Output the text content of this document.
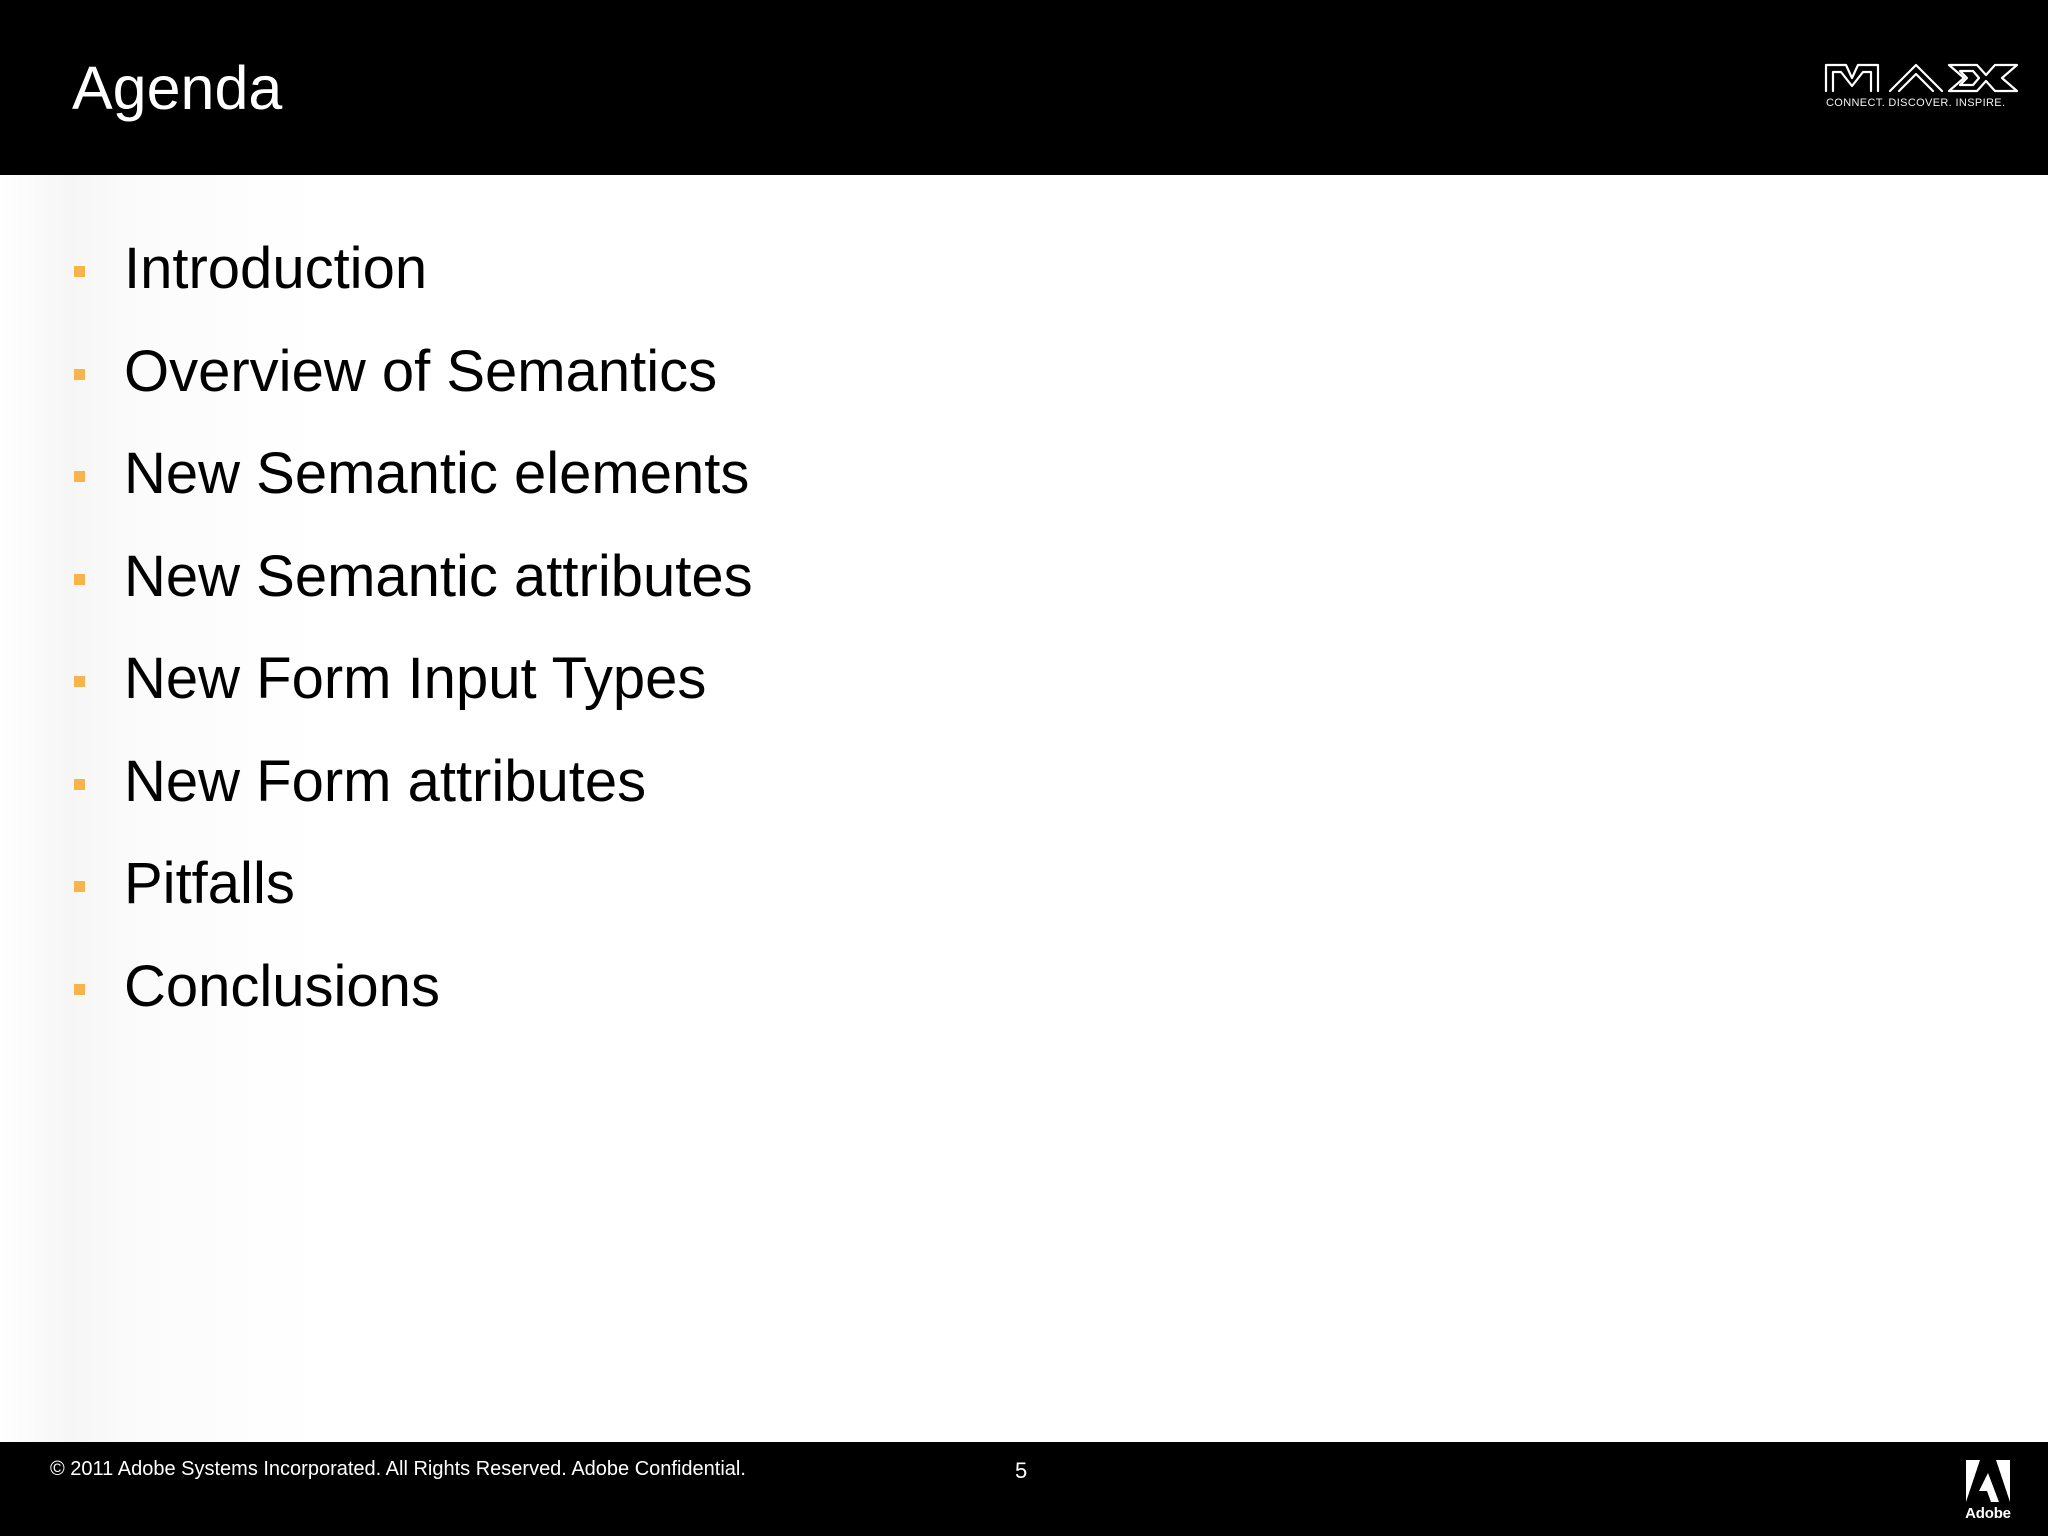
Agenda	CONNECT. DISCOVER. INSPIRE.
Introduction
Overview of Semantics
New Semantic elements
New Semantic attributes
New Form Input Types
New Form attributes
Pitfalls
Conclusions
© 2011 Adobe Systems Incorporated. All Rights Reserved. Adobe Confidential.	5
Adobe
